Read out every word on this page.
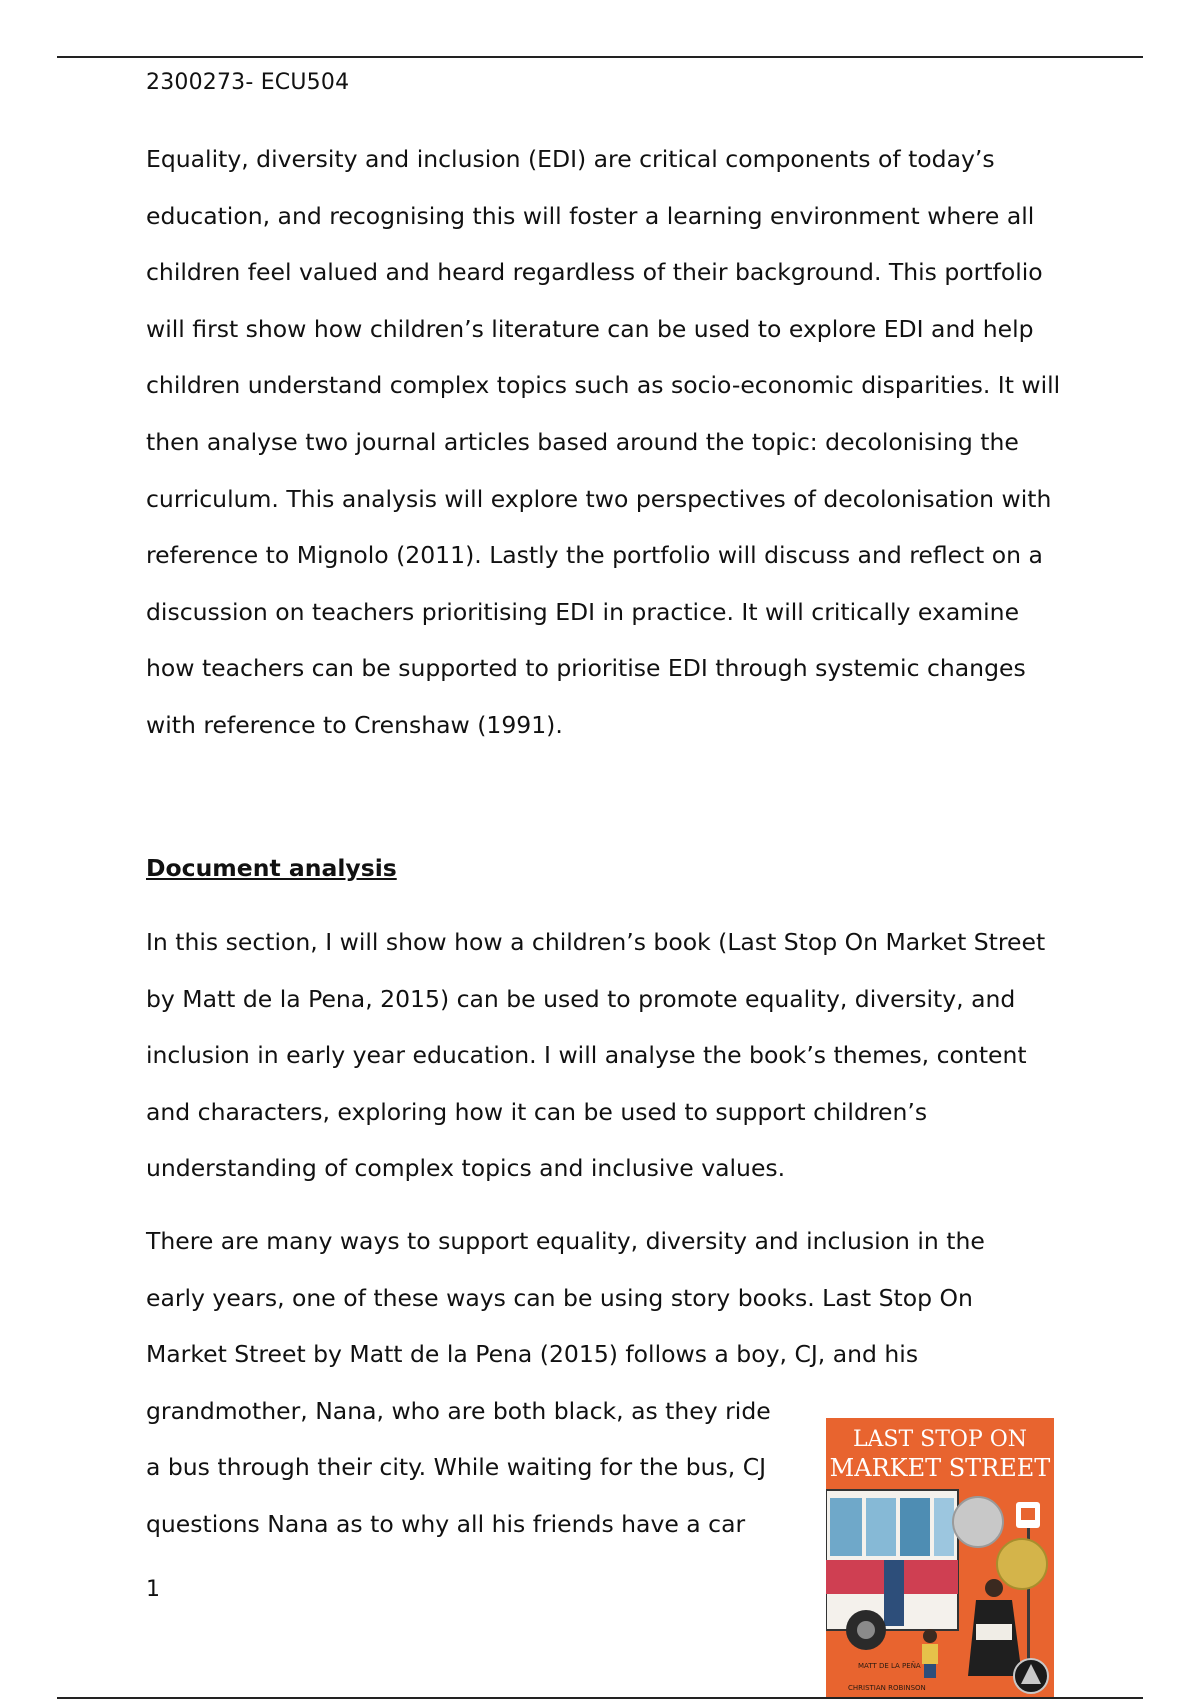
2300273- ECU504

Equality, diversity and inclusion (EDI) are critical components of today’s education, and recognising this will foster a learning environment where all children feel valued and heard regardless of their background. This portfolio will first show how children’s literature can be used to explore EDI and help children understand complex topics such as socio-economic disparities. It will then analyse two journal articles based around the topic: decolonising the curriculum. This analysis will explore two perspectives of decolonisation with reference to Mignolo (2011). Lastly the portfolio will discuss and reflect on a discussion on teachers prioritising EDI in practice. It will critically examine how teachers can be supported to prioritise EDI through systemic changes with reference to Crenshaw (1991).

Document analysis

In this section, I will show how a children’s book (Last Stop On Market Street by Matt de la Pena, 2015) can be used to promote equality, diversity, and inclusion in early year education. I will analyse the book’s themes, content and characters, exploring how it can be used to support children’s understanding of complex topics and inclusive values.

There are many ways to support equality, diversity and inclusion in the
early years, one of these ways can be using story books. Last Stop On
Market Street by Matt de la Pena (2015) follows a boy, CJ, and his
grandmother, Nana, who are both black, as they ride
a bus through their city. While waiting for the bus, CJ
questions Nana as to why all his friends have a car

1
LAST STOP ON
MARKET STREET
MATT DE LA PEÑA
CHRISTIAN ROBINSON
